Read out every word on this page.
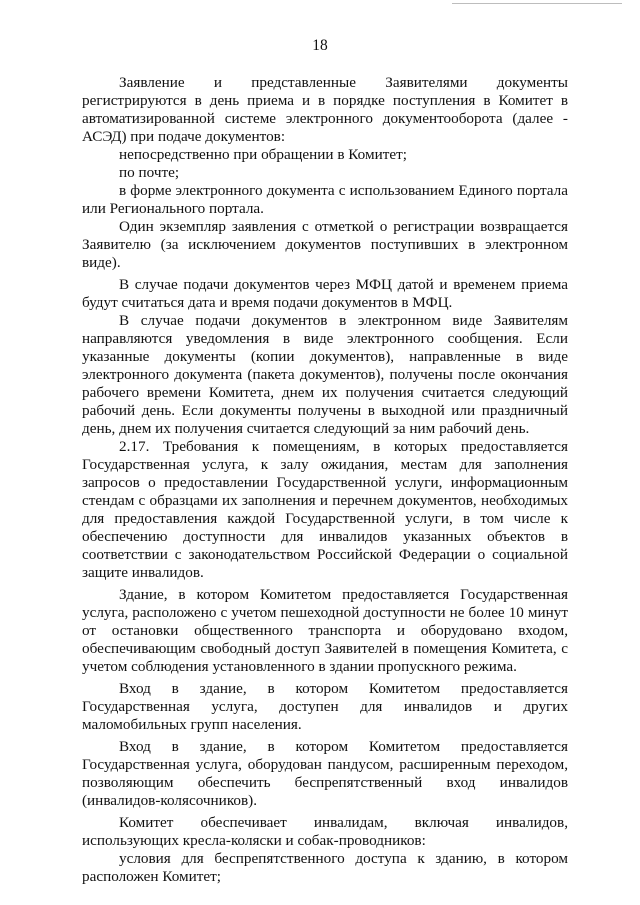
18

Заявление и представленные Заявителями документы регистрируются в день приема и в порядке поступления в Комитет в автоматизированной системе электронного документооборота (далее - АСЭД) при подаче документов:

непосредственно при обращении в Комитет;

по почте;

в форме электронного документа с использованием Единого портала или Регионального портала.

Один экземпляр заявления с отметкой о регистрации возвращается Заявителю (за исключением документов поступивших в электронном виде).

В случае подачи документов через МФЦ датой и временем приема будут считаться дата и время подачи документов в МФЦ.

В случае подачи документов в электронном виде Заявителям направляются уведомления в виде электронного сообщения. Если указанные документы (копии документов), направленные в виде электронного документа (пакета документов), получены после окончания рабочего времени Комитета, днем их получения считается следующий рабочий день. Если документы получены в выходной или праздничный день, днем их получения считается следующий за ним рабочий день.

2.17. Требования к помещениям, в которых предоставляется Государственная услуга, к залу ожидания, местам для заполнения запросов о предоставлении Государственной услуги, информационным стендам с образцами их заполнения и перечнем документов, необходимых для предоставления каждой Государственной услуги, в том числе к обеспечению доступности для инвалидов указанных объектов в соответствии с законодательством Российской Федерации о социальной защите инвалидов.

Здание, в котором Комитетом предоставляется Государственная услуга, расположено с учетом пешеходной доступности не более 10 минут от остановки общественного транспорта и оборудовано входом, обеспечивающим свободный доступ Заявителей в помещения Комитета, с учетом соблюдения установленного в здании пропускного режима.

Вход в здание, в котором Комитетом предоставляется Государственная услуга, доступен для инвалидов и других маломобильных групп населения.

Вход в здание, в котором Комитетом предоставляется Государственная услуга, оборудован пандусом, расширенным переходом, позволяющим обеспечить беспрепятственный вход инвалидов (инвалидов-колясочников).

Комитет обеспечивает инвалидам, включая инвалидов, использующих кресла-коляски и собак-проводников:

условия для беспрепятственного доступа к зданию, в котором расположен Комитет;
